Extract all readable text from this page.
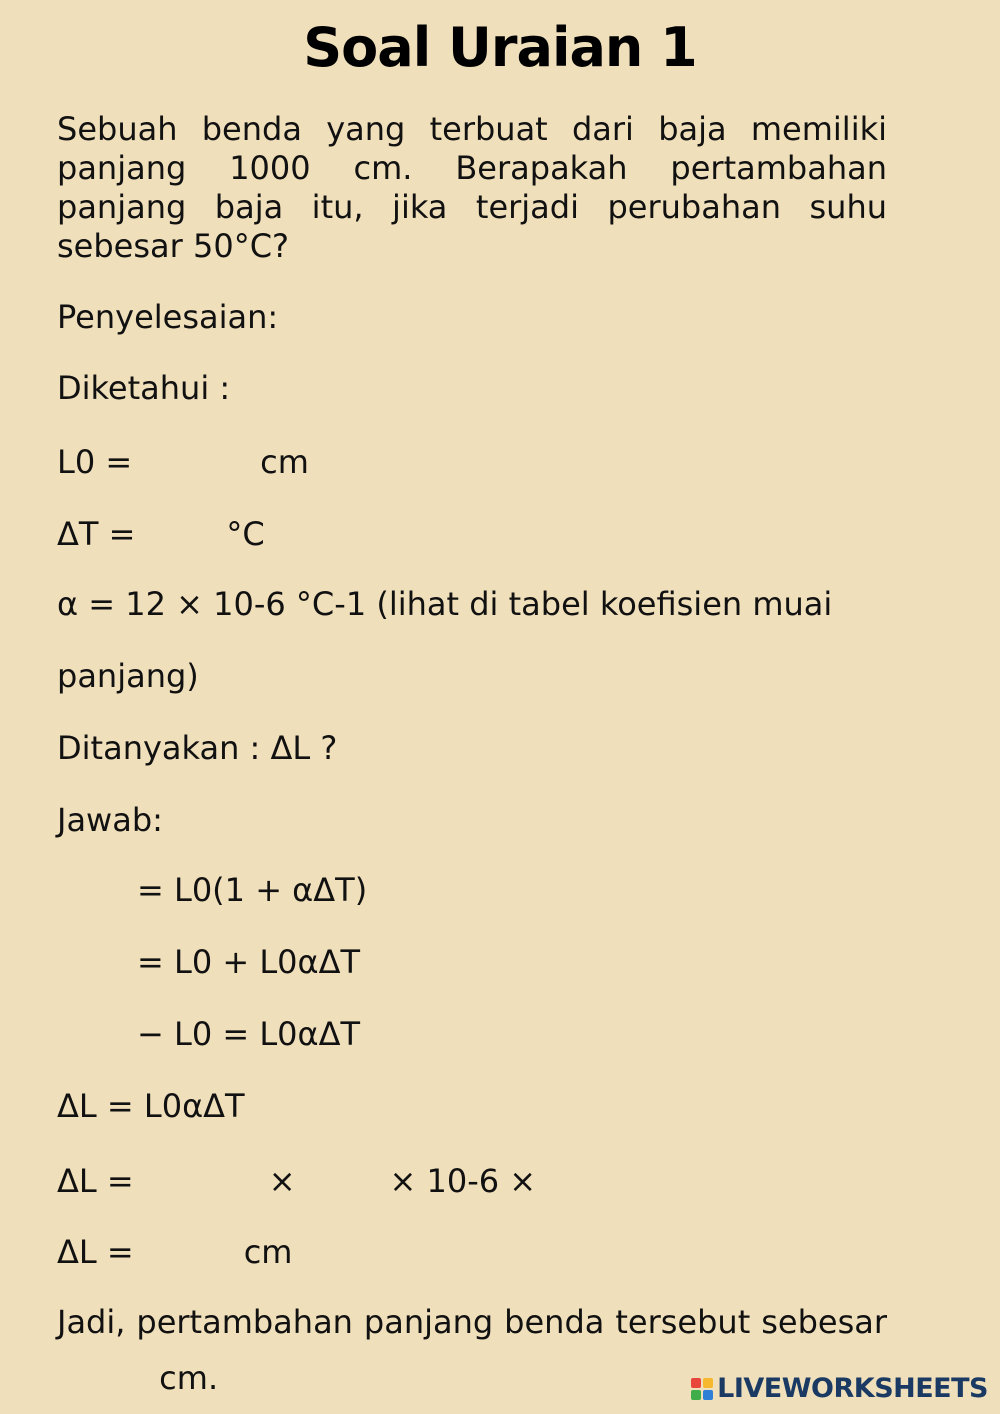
Soal Uraian 1

Sebuah benda yang terbuat dari baja memiliki panjang 1000 cm. Berapakah pertambahan panjang baja itu, jika terjadi perubahan suhu sebesar 50°C?

Penyelesaian:

Diketahui :

L0 =	cm

ΔT =	°C

α = 12 × 10-6 °C-1 (lihat di tabel koefisien muai

panjang)

Ditanyakan : ΔL ?

Jawab:

= L0(1 + αΔT)

= L0 + L0αΔT

− L0 = L0αΔT

ΔL = L0αΔT

ΔL =	×	× 10-6 ×

ΔL =	cm

Jadi, pertambahan panjang benda tersebut sebesar  cm.	LIVEWORKSHEETS
